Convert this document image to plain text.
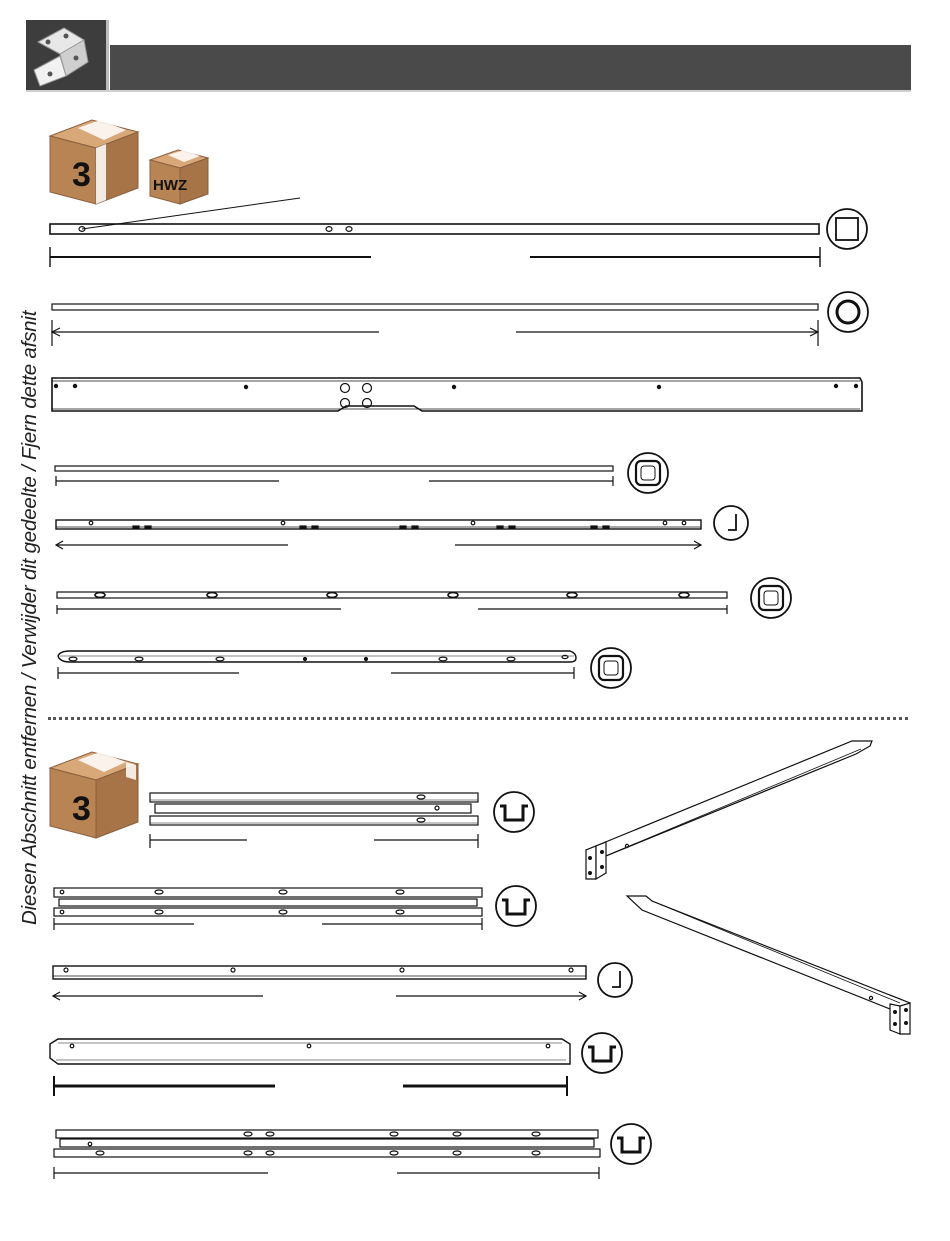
Diesen Abschnitt entfernen / Verwijder dit gedeelte / Fjern dette afsnit
3	HWZ
3
